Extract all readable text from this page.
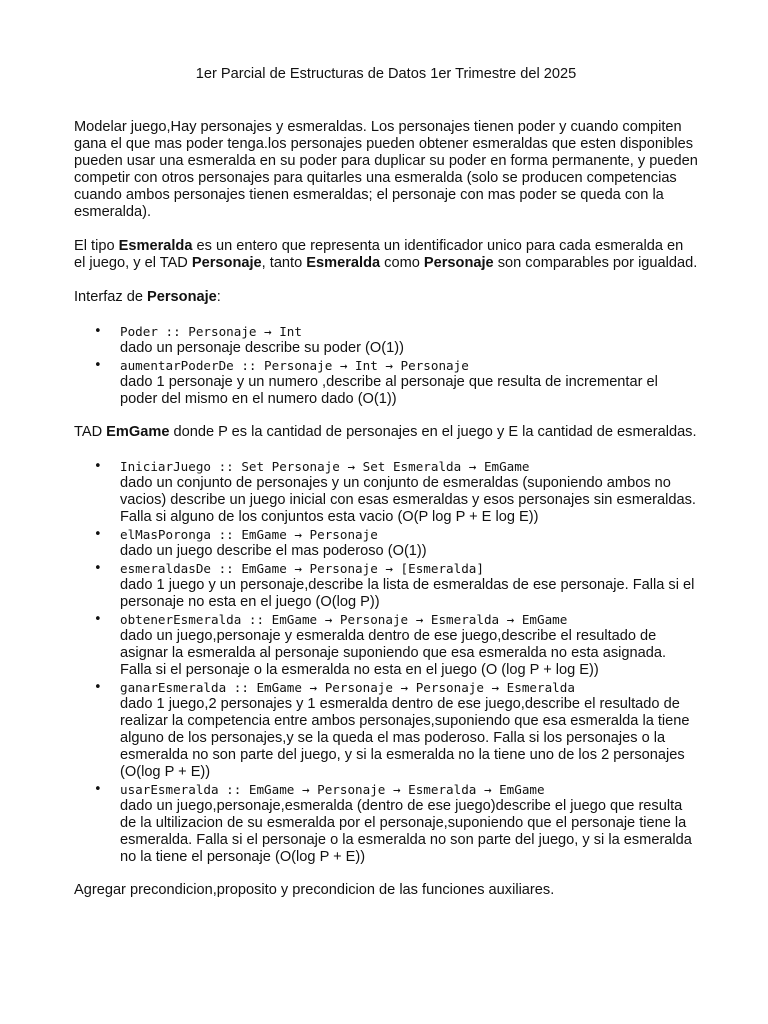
1er Parcial de Estructuras de Datos 1er Trimestre del 2025

Modelar juego,Hay personajes y esmeraldas. Los personajes tienen poder y cuando compiten gana el que mas poder tenga.los personajes pueden obtener esmeraldas que esten disponibles pueden usar una esmeralda en su poder para duplicar su poder en forma permanente, y pueden competir con otros personajes para quitarles una esmeralda (solo se producen competencias cuando ambos personajes tienen esmeraldas; el personaje con mas poder se queda con la esmeralda).

El tipo Esmeralda es un entero que representa un identificador unico para cada esmeralda en el juego, y el TAD Personaje, tanto Esmeralda como Personaje son comparables por igualdad.

Interfaz de Personaje:

• Poder :: Personaje → Int
dado un personaje describe su poder (O(1))
• aumentarPoderDe :: Personaje → Int → Personaje
dado 1 personaje y un numero ,describe al personaje que resulta de incrementar el poder del mismo en el numero dado (O(1))

TAD EmGame donde P es la cantidad de personajes en el juego y E la cantidad de esmeraldas.

• IniciarJuego :: Set Personaje → Set Esmeralda → EmGame
dado un conjunto de personajes y un conjunto de esmeraldas (suponiendo ambos no vacios) describe un juego inicial con esas esmeraldas y esos personajes sin esmeraldas. Falla si alguno de los conjuntos esta vacio (O(P log P + E log E))
• elMasPoronga :: EmGame → Personaje
dado un juego describe el mas poderoso (O(1))
• esmeraldasDe :: EmGame → Personaje → [Esmeralda]
dado 1 juego y un personaje,describe la lista de esmeraldas de ese personaje. Falla si el personaje no esta en el juego (O(log P))
• obtenerEsmeralda :: EmGame → Personaje → Esmeralda → EmGame
dado un juego,personaje y esmeralda dentro de ese juego,describe el resultado de asignar la esmeralda al personaje suponiendo que esa esmeralda no esta asignada. Falla si el personaje o la esmeralda no esta en el juego (O (log P + log E))
• ganarEsmeralda :: EmGame → Personaje → Personaje → Esmeralda
dado 1 juego,2 personajes y 1 esmeralda dentro de ese juego,describe el resultado de realizar la competencia entre ambos personajes,suponiendo que esa esmeralda la tiene alguno de los personajes,y se la queda el mas poderoso. Falla si los personajes o la esmeralda no son parte del juego, y si la esmeralda no la tiene uno de los 2 personajes (O(log P + E))
• usarEsmeralda :: EmGame → Personaje → Esmeralda → EmGame
dado un juego,personaje,esmeralda (dentro de ese juego)describe el juego que resulta de la ultilizacion de su esmeralda por el personaje,suponiendo que el personaje tiene la esmeralda. Falla si el personaje o la esmeralda no son parte del juego, y si la esmeralda no la tiene el personaje (O(log P + E))

Agregar precondicion,proposito y precondicion de las funciones auxiliares.
